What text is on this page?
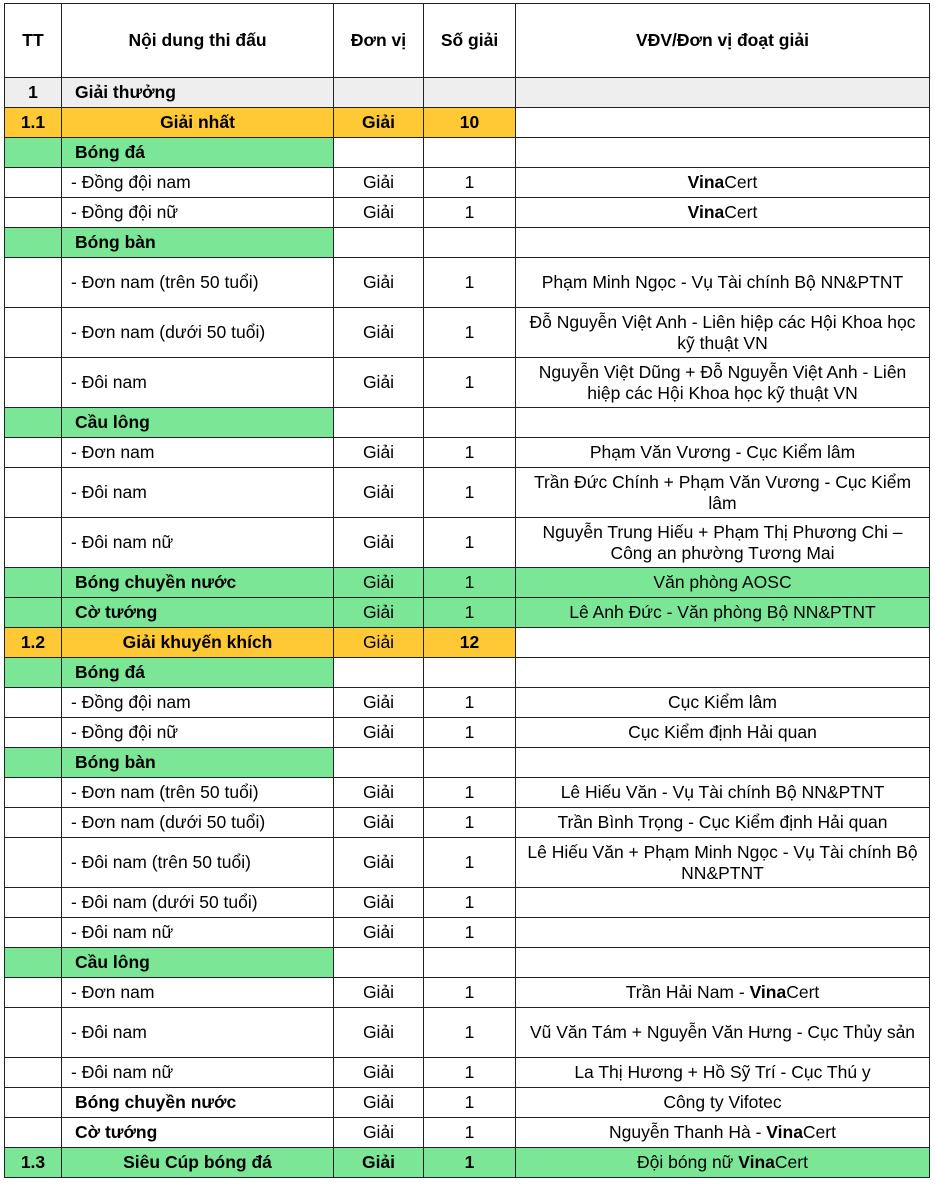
TT	Nội dung thi đấu	Đơn vị	Số giải	VĐV/Đơn vị đoạt giải
1	Giải thưởng			
1.1	Giải nhất	Giải	10	
	Bóng đá			
	- Đồng đội nam	Giải	1	VinaCert
	- Đồng đội nữ	Giải	1	VinaCert
	Bóng bàn			
	- Đơn nam (trên 50 tuổi)	Giải	1	Phạm Minh Ngọc - Vụ Tài chính Bộ NN&PTNT
	- Đơn nam (dưới 50 tuổi)	Giải	1	Đỗ Nguyễn Việt Anh - Liên hiệp các Hội Khoa học kỹ thuật VN
	- Đôi nam	Giải	1	Nguyễn Việt Dũng + Đỗ Nguyễn Việt Anh - Liên hiệp các Hội Khoa học kỹ thuật VN
	Cầu lông			
	- Đơn nam	Giải	1	Phạm Văn Vương - Cục Kiểm lâm
	- Đôi nam	Giải	1	Trần Đức Chính + Phạm Văn Vương - Cục Kiểm lâm
	- Đôi nam nữ	Giải	1	Nguyễn Trung Hiếu + Phạm Thị Phương Chi – Công an phường Tương Mai
	Bóng chuyền nước	Giải	1	Văn phòng AOSC
	Cờ tướng	Giải	1	Lê Anh Đức - Văn phòng Bộ NN&PTNT
1.2	Giải khuyến khích	Giải	12	
	Bóng đá			
	- Đồng đội nam	Giải	1	Cục Kiểm lâm
	- Đồng đội nữ	Giải	1	Cục Kiểm định Hải quan
	Bóng bàn			
	- Đơn nam (trên 50 tuổi)	Giải	1	Lê Hiếu Văn - Vụ Tài chính Bộ NN&PTNT
	- Đơn nam (dưới 50 tuổi)	Giải	1	Trần Bình Trọng - Cục Kiểm định Hải quan
	- Đôi nam (trên 50 tuổi)	Giải	1	Lê Hiếu Văn + Phạm Minh Ngọc - Vụ Tài chính Bộ NN&PTNT
	- Đôi nam (dưới 50 tuổi)	Giải	1	
	- Đôi nam nữ	Giải	1	
	Cầu lông			
	- Đơn nam	Giải	1	Trần Hải Nam - VinaCert
	- Đôi nam	Giải	1	Vũ Văn Tám + Nguyễn Văn Hưng - Cục Thủy sản
	- Đôi nam nữ	Giải	1	La Thị Hương + Hồ Sỹ Trí - Cục Thú y
	Bóng chuyền nước	Giải	1	Công ty Vifotec
	Cờ tướng	Giải	1	Nguyễn Thanh Hà - VinaCert
1.3	Siêu Cúp bóng đá	Giải	1	Đội bóng nữ VinaCert
